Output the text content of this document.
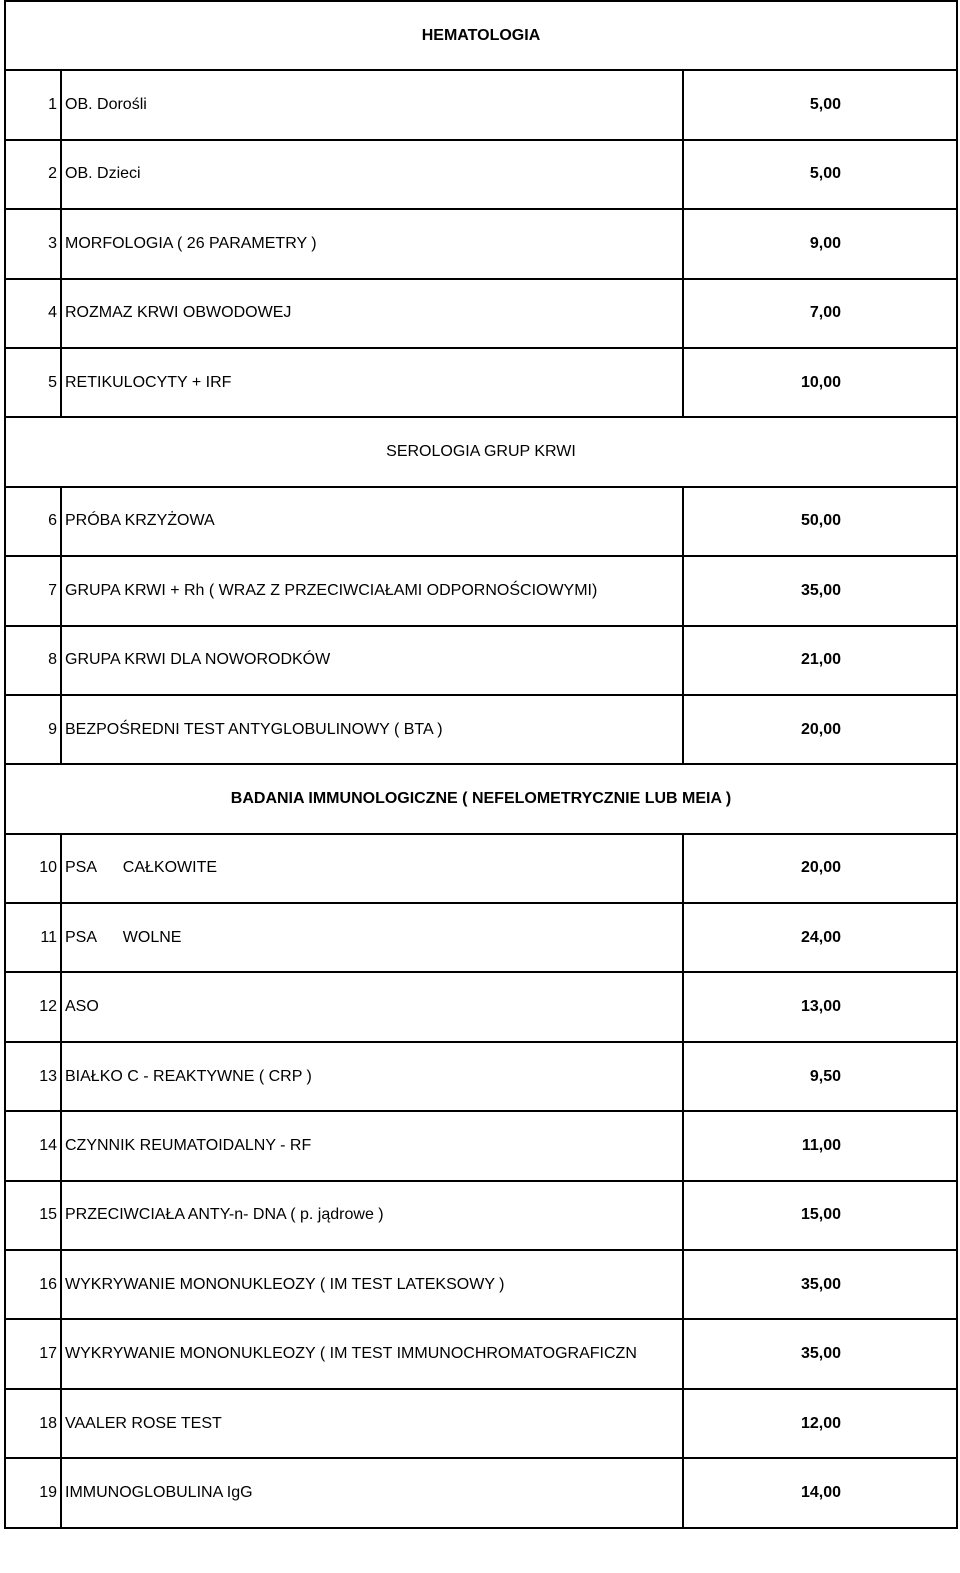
HEMATOLOGIA		
1	OB. Dorośli	5,00
2	OB. Dzieci	5,00
3	MORFOLOGIA ( 26 PARAMETRY )	9,00
4	ROZMAZ KRWI OBWODOWEJ	7,00
5	RETIKULOCYTY + IRF	10,00
SEROLOGIA GRUP KRWI		
6	PRÓBA KRZYŻOWA	50,00
7	GRUPA KRWI + Rh ( WRAZ Z PRZECIWCIAŁAMI ODPORNOŚCIOWYMI)	35,00
8	GRUPA KRWI DLA NOWORODKÓW	21,00
9	BEZPOŚREDNI TEST ANTYGLOBULINOWY ( BTA )	20,00
BADANIA IMMUNOLOGICZNE ( NEFELOMETRYCZNIE LUB MEIA )		
10	PSA      CAŁKOWITE	20,00
11	PSA      WOLNE	24,00
12	ASO	13,00
13	BIAŁKO C - REAKTYWNE ( CRP )	9,50
14	CZYNNIK REUMATOIDALNY - RF	11,00
15	PRZECIWCIAŁA ANTY-n- DNA ( p. jądrowe )	15,00
16	WYKRYWANIE MONONUKLEOZY ( IM TEST LATEKSOWY )	35,00
17	WYKRYWANIE MONONUKLEOZY ( IM TEST IMMUNOCHROMATOGRAFICZN	35,00
18	VAALER ROSE TEST	12,00
19	IMMUNOGLOBULINA IgG	14,00
